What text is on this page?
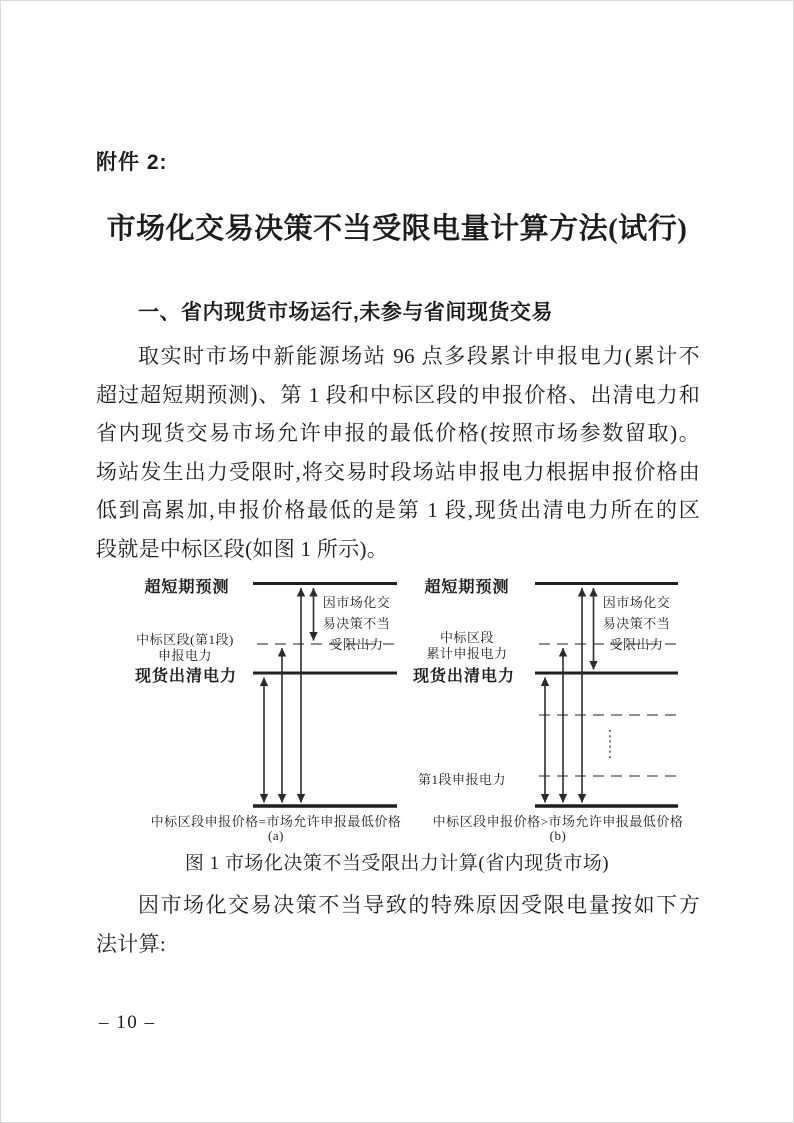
附件 2:
市场化交易决策不当受限电量计算方法(试行)
一、省内现货市场运行,未参与省间现货交易
取实时市场中新能源场站 96 点多段累计申报电力(累计不
超过超短期预测)、第 1 段和中标区段的申报价格、出清电力和
省内现货交易市场允许申报的最低价格(按照市场参数留取)。
场站发生出力受限时,将交易时段场站申报电力根据申报价格由
低到高累加,申报价格最低的是第 1 段,现货出清电力所在的区
段就是中标区段(如图 1 所示)。
超短期预测
中标区段(第1段)
申报电力
现货出清电力
因市场化交
易决策不当
受限出力
中标区段申报价格=市场允许申报最低价格
(a)
超短期预测
中标区段
累计申报电力
现货出清电力
第1段申报电力
因市场化交
易决策不当
受限出力
中标区段申报价格>市场允许申报最低价格
(b)
图 1 市场化决策不当受限出力计算(省内现货市场)
因市场化交易决策不当导致的特殊原因受限电量按如下方
法计算:
– 10 –
